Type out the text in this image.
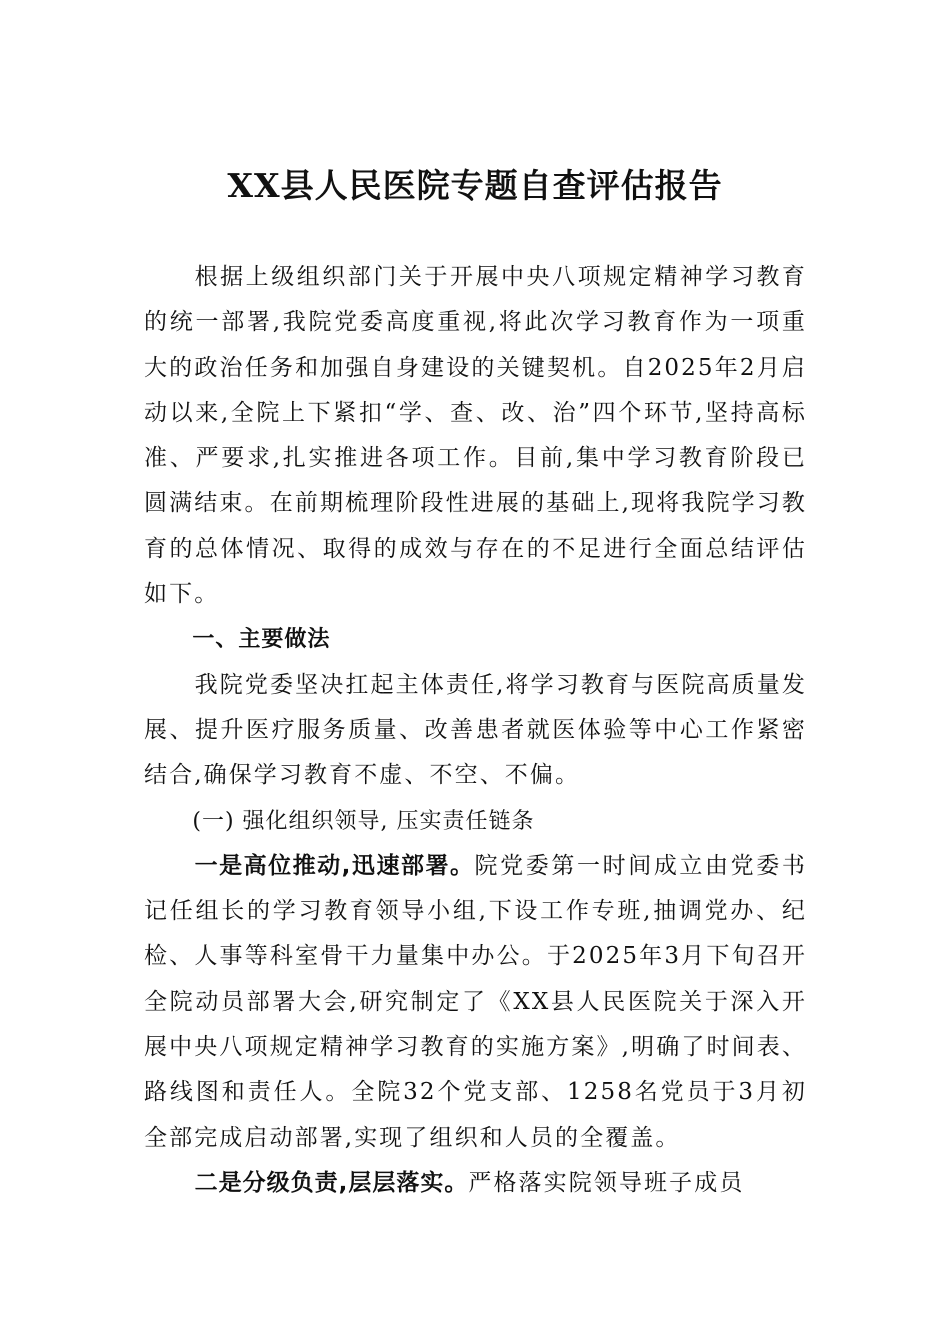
XX县人民医院专题自查评估报告

根据上级组织部门关于开展中央八项规定精神学习教育的统一部署,我院党委高度重视,将此次学习教育作为一项重大的政治任务和加强自身建设的关键契机。自2025年2月启动以来,全院上下紧扣“学、查、改、治”四个环节,坚持高标准、严要求,扎实推进各项工作。目前,集中学习教育阶段已圆满结束。在前期梳理阶段性进展的基础上,现将我院学习教育的总体情况、取得的成效与存在的不足进行全面总结评估如下。

一、主要做法

我院党委坚决扛起主体责任,将学习教育与医院高质量发展、提升医疗服务质量、改善患者就医体验等中心工作紧密结合,确保学习教育不虚、不空、不偏。

(一) 强化组织领导, 压实责任链条

一是高位推动,迅速部署。院党委第一时间成立由党委书记任组长的学习教育领导小组,下设工作专班,抽调党办、纪检、人事等科室骨干力量集中办公。于2025年3月下旬召开全院动员部署大会,研究制定了《XX县人民医院关于深入开展中央八项规定精神学习教育的实施方案》,明确了时间表、路线图和责任人。全院32个党支部、1258名党员于3月初全部完成启动部署,实现了组织和人员的全覆盖。

二是分级负责,层层落实。严格落实院领导班子成员
